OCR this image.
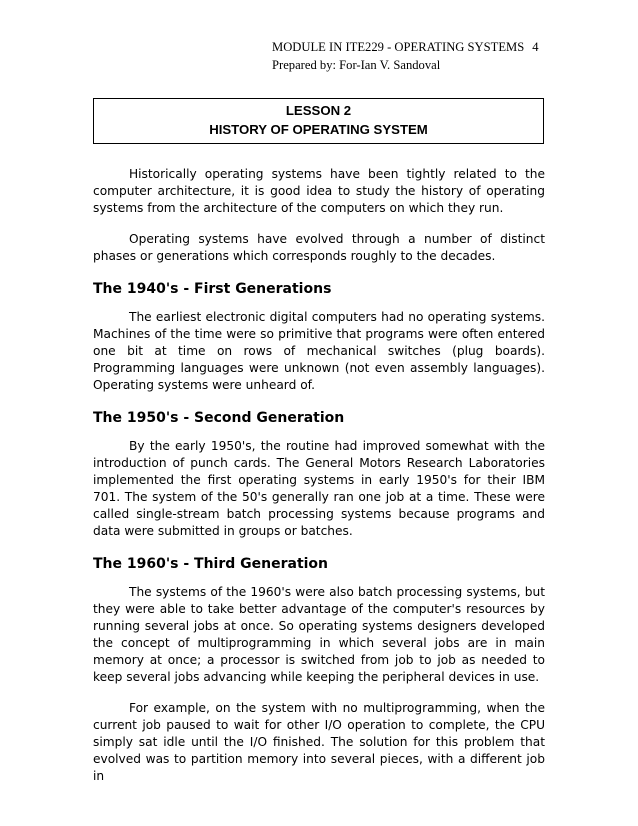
MODULE IN ITE229 - OPERATING SYSTEMS 4
Prepared by: For-Ian V. Sandoval
LESSON 2
HISTORY OF OPERATING SYSTEM

Historically operating systems have been tightly related to the computer architecture, it is good idea to study the history of operating systems from the architecture of the computers on which they run.

Operating systems have evolved through a number of distinct phases or generations which corresponds roughly to the decades.

The 1940's - First Generations

The earliest electronic digital computers had no operating systems. Machines of the time were so primitive that programs were often entered one bit at time on rows of mechanical switches (plug boards). Programming languages were unknown (not even assembly languages). Operating systems were unheard of.

The 1950's - Second Generation

By the early 1950's, the routine had improved somewhat with the introduction of punch cards. The General Motors Research Laboratories implemented the first operating systems in early 1950's for their IBM 701. The system of the 50's generally ran one job at a time. These were called single-stream batch processing systems because programs and data were submitted in groups or batches.

The 1960's - Third Generation

The systems of the 1960's were also batch processing systems, but they were able to take better advantage of the computer's resources by running several jobs at once. So operating systems designers developed the concept of multiprogramming in which several jobs are in main memory at once; a processor is switched from job to job as needed to keep several jobs advancing while keeping the peripheral devices in use.

For example, on the system with no multiprogramming, when the current job paused to wait for other I/O operation to complete, the CPU simply sat idle until the I/O finished. The solution for this problem that evolved was to partition memory into several pieces, with a different job in
